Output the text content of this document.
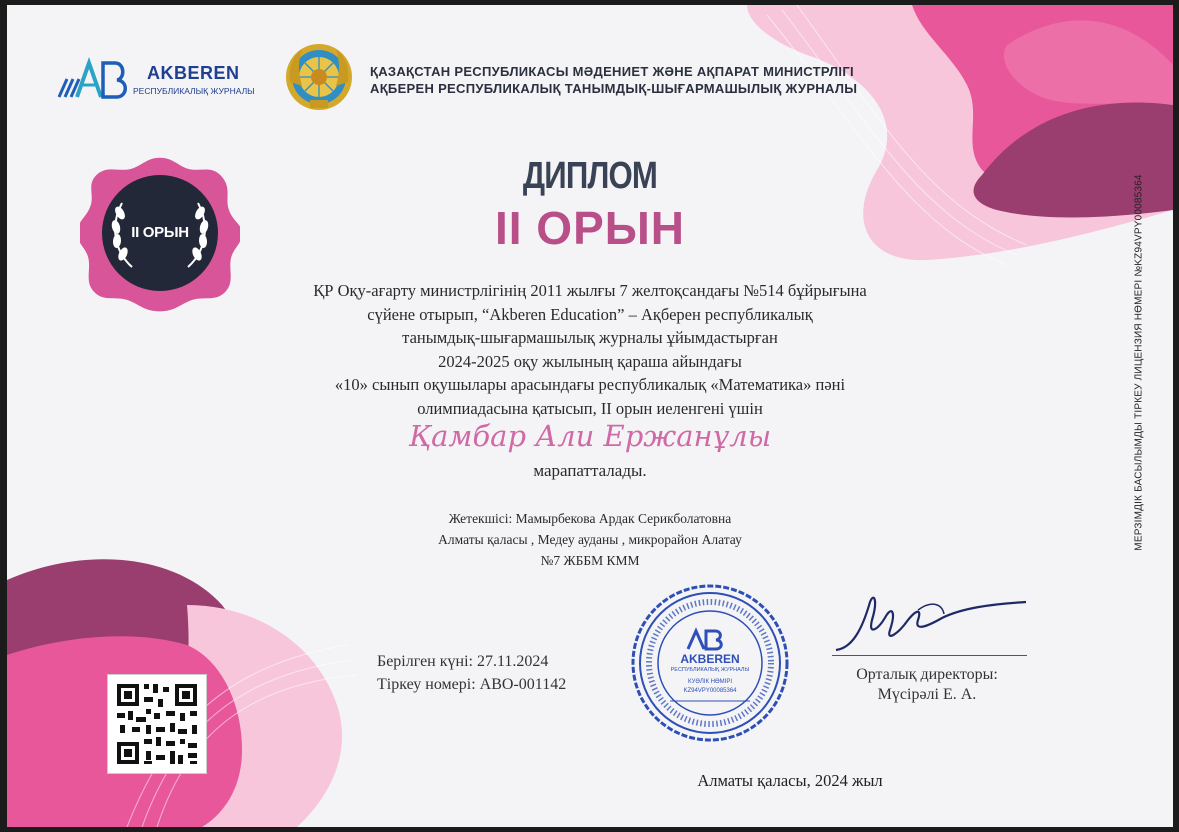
AKBEREN
РЕСПУБЛИКАЛЫҚ ЖУРНАЛЫ
ҚАЗАҚСТАН РЕСПУБЛИКАСЫ МӘДЕНИЕТ ЖӘНЕ АҚПАРАТ МИНИСТРЛІГІ
АҚБЕРЕН РЕСПУБЛИКАЛЫҚ ТАНЫМДЫҚ-ШЫҒАРМАШЫЛЫҚ ЖУРНАЛЫ
II ОРЫН
ДИПЛОМ
II ОРЫН
ҚР Оқу-ағарту министрлігінің 2011 жылғы 7 желтоқсандағы №514 бұйрығына
сүйене отырып, “Akberen Education” – Ақберен республикалық
танымдық-шығармашылық журналы ұйымдастырған
2024-2025 оқу жылының қараша айындағы
«10» сынып оқушылары арасындағы республикалық «Математика» пәні
олимпиадасына қатысып, II орын иеленгені үшін
Қамбар Али Ержанұлы
марапатталады.
Жетекшісі: Мамырбекова Ардак Серикболатовна
Алматы қаласы , Медеу ауданы , микрорайон Алатау
№7 ЖББМ КММ
Берілген күні: 27.11.2024
Тіркеу номері: АВО-001142
AKBEREN
РЕСПУБЛИКАЛЫҚ ЖУРНАЛЫ
КУӘЛІК НӨМІРІ
KZ94VPY00085364
Орталық директоры:
Мүсірәлі Е. А.
Алматы қаласы, 2024 жыл
МЕРЗІМДІК БАСЫЛЫМДЫ ТІРКЕУ ЛИЦЕНЗИЯ НӨМЕРІ №KZ94VPY00085364
